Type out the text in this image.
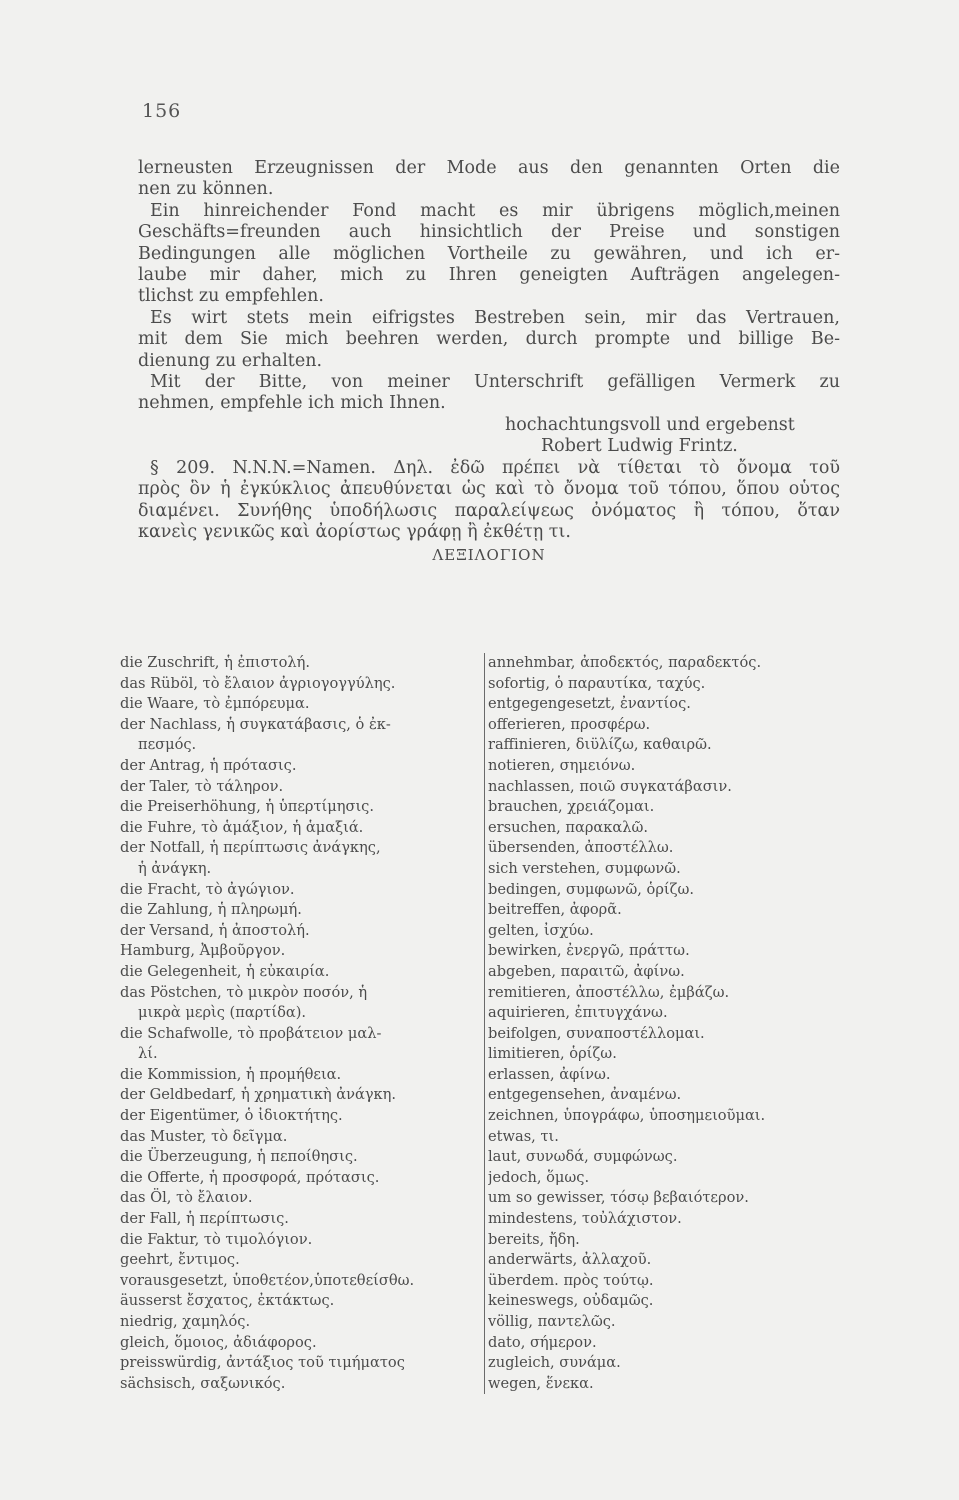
156
lerneusten Erzeugnissen der Mode aus den genannten Orten die
nen zu können.
Ein hinreichender Fond macht es mir übrigens möglich,meinen
Geschäfts=freunden auch hinsichtlich der Preise und sonstigen
Bedingungen alle möglichen Vortheile zu gewähren, und ich er-
laube mir daher, mich zu Ihren geneigten Aufträgen angelegen-
tlichst zu empfehlen.
Es wirt stets mein eifrigstes Bestreben sein, mir das Vertrauen,
mit dem Sie mich beehren werden, durch prompte und billige Be-
dienung zu erhalten.
Mit der Bitte, von meiner Unterschrift gefälligen Vermerk zu
nehmen, empfehle ich mich Ihnen.
hochachtungsvoll und ergebenst
Robert Ludwig Frintz.
§ 209. N.N.N.=Namen. Δηλ. ἐδῶ πρέπει νὰ τίθεται τὸ ὄνομα τοῦ
πρὸς ὃν ἡ ἐγκύκλιος ἀπευθύνεται ὡς καὶ τὸ ὄνομα τοῦ τόπου, ὅπου οὗτος
διαμένει. Συνήθης ὑποδήλωσις παραλείψεως ὀνόματος ἢ τόπου, ὅταν
κανεὶς γενικῶς καὶ ἀορίστως γράφῃ ἢ ἐκθέτῃ τι.
ΛΕΞΙΛΟΓΙΟΝ
die Zuschrift, ἡ ἐπιστολή.
das Rüböl, τὸ ἔλαιον ἀγριογογγύλης.
die Waare, τὸ ἐμπόρευμα.
der Nachlass, ἡ συγκατάβασις, ὁ ἐκ-
πεσμός.
der Antrag, ἡ πρότασις.
der Taler, τὸ τάληρον.
die Preiserhöhung, ἡ ὑπερτίμησις.
die Fuhre, τὸ ἁμάξιον, ἡ ἁμαξιά.
der Notfall, ἡ περίπτωσις ἀνάγκης,
ἡ ἀνάγκη.
die Fracht, τὸ ἀγώγιον.
die Zahlung, ἡ πληρωμή.
der Versand, ἡ ἀποστολή.
Hamburg, Ἀμβοῦργον.
die Gelegenheit, ἡ εὐκαιρία.
das Pöstchen, τὸ μικρὸν ποσόν, ἡ
μικρὰ μερὶς (παρτίδα).
die Schafwolle, τὸ προβάτειον μαλ-
λί.
die Kommission, ἡ προμήθεια.
der Geldbedarf, ἡ χρηματικὴ ἀνάγκη.
der Eigentümer, ὁ ἰδιοκτήτης.
das Muster, τὸ δεῖγμα.
die Überzeugung, ἡ πεποίθησις.
die Offerte, ἡ προσφορά, πρότασις.
das Öl, τὸ ἔλαιον.
der Fall, ἡ περίπτωσις.
die Faktur, τὸ τιμολόγιον.
geehrt, ἔντιμος.
vorausgesetzt, ὑποθετέον,ὑποτεθείσθω.
äusserst ἔσχατος, ἐκτάκτως.
niedrig, χαμηλός.
gleich, ὅμοιος, ἀδιάφορος.
preisswürdig, ἀντάξιος τοῦ τιμήματος
sächsisch, σαξωνικός.
annehmbar, ἀποδεκτός, παραδεκτός.
sofortig, ὁ παραυτίκα, ταχύς.
entgegengesetzt, ἐναντίος.
offerieren, προσφέρω.
raffinieren, διϋλίζω, καθαιρῶ.
notieren, σημειόνω.
nachlassen, ποιῶ συγκατάβασιν.
brauchen, χρειάζομαι.
ersuchen, παρακαλῶ.
übersenden, ἀποστέλλω.
sich verstehen, συμφωνῶ.
bedingen, συμφωνῶ, ὁρίζω.
beitreffen, ἀφορᾶ.
gelten, ἰσχύω.
bewirken, ἐνεργῶ, πράττω.
abgeben, παραιτῶ, ἀφίνω.
remitieren, ἀποστέλλω, ἐμβάζω.
aquirieren, ἐπιτυγχάνω.
beifolgen, συναποστέλλομαι.
limitieren, ὁρίζω.
erlassen, ἀφίνω.
entgegensehen, ἀναμένω.
zeichnen, ὑπογράφω, ὑποσημειοῦμαι.
etwas, τι.
laut, συνωδά, συμφώνως.
jedoch, ὅμως.
um so gewisser, τόσῳ βεβαιότερον.
mindestens, τοὐλάχιστον.
bereits, ἤδη.
anderwärts, ἀλλαχοῦ.
überdem. πρὸς τούτῳ.
keineswegs, οὐδαμῶς.
völlig, παντελῶς.
dato, σήμερον.
zugleich, συνάμα.
wegen, ἕνεκα.
